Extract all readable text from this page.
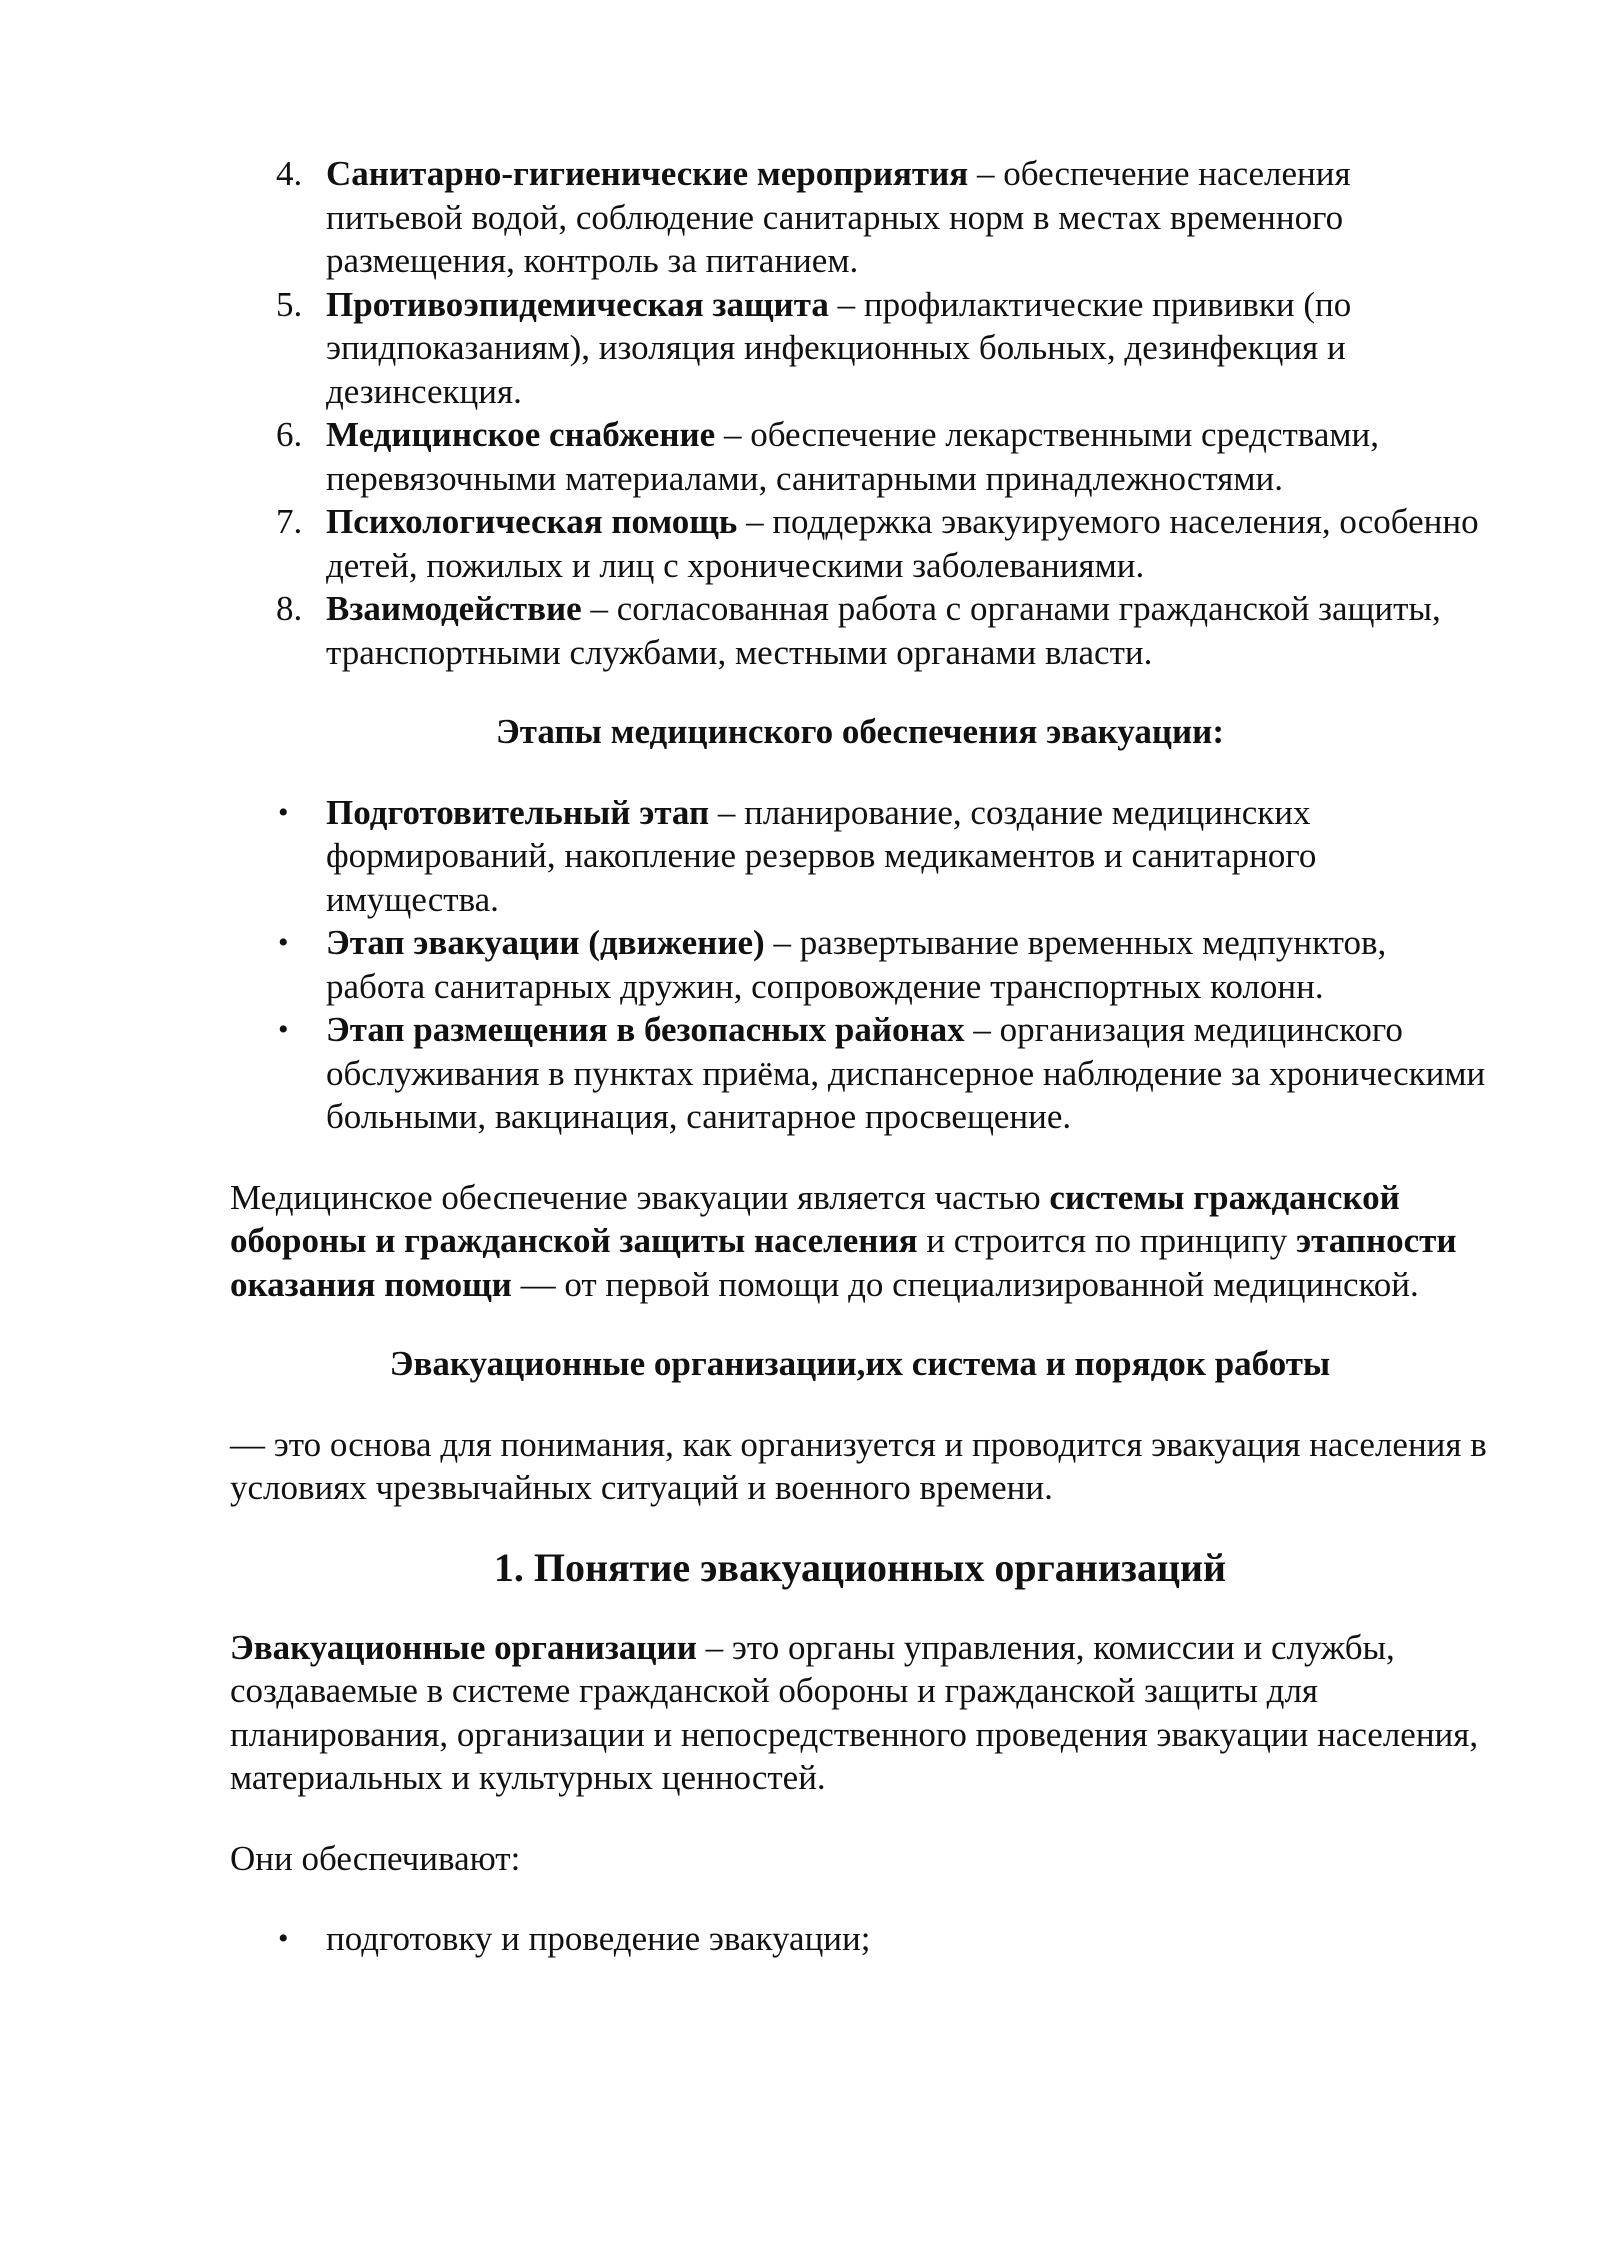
4. Санитарно-гигиенические мероприятия – обеспечение населения питьевой водой, соблюдение санитарных норм в местах временного размещения, контроль за питанием.
5. Противоэпидемическая защита – профилактические прививки (по эпидпоказаниям), изоляция инфекционных больных, дезинфекция и дезинсекция.
6. Медицинское снабжение – обеспечение лекарственными средствами, перевязочными материалами, санитарными принадлежностями.
7. Психологическая помощь – поддержка эвакуируемого населения, особенно детей, пожилых и лиц с хроническими заболеваниями.
8. Взаимодействие – согласованная работа с органами гражданской защиты, транспортными службами, местными органами власти.

Этапы медицинского обеспечения эвакуации:

• Подготовительный этап – планирование, создание медицинских формирований, накопление резервов медикаментов и санитарного имущества.
• Этап эвакуации (движение) – развертывание временных медпунктов, работа санитарных дружин, сопровождение транспортных колонн.
• Этап размещения в безопасных районах – организация медицинского обслуживания в пунктах приёма, диспансерное наблюдение за хроническими больными, вакцинация, санитарное просвещение.

Медицинское обеспечение эвакуации является частью системы гражданской обороны и гражданской защиты населения и строится по принципу этапности оказания помощи — от первой помощи до специализированной медицинской.

Эвакуационные организации,их система и порядок работы

— это основа для понимания, как организуется и проводится эвакуация населения в условиях чрезвычайных ситуаций и военного времени.

1. Понятие эвакуационных организаций

Эвакуационные организации – это органы управления, комиссии и службы, создаваемые в системе гражданской обороны и гражданской защиты для планирования, организации и непосредственного проведения эвакуации населения, материальных и культурных ценностей.

Они обеспечивают:

• подготовку и проведение эвакуации;
